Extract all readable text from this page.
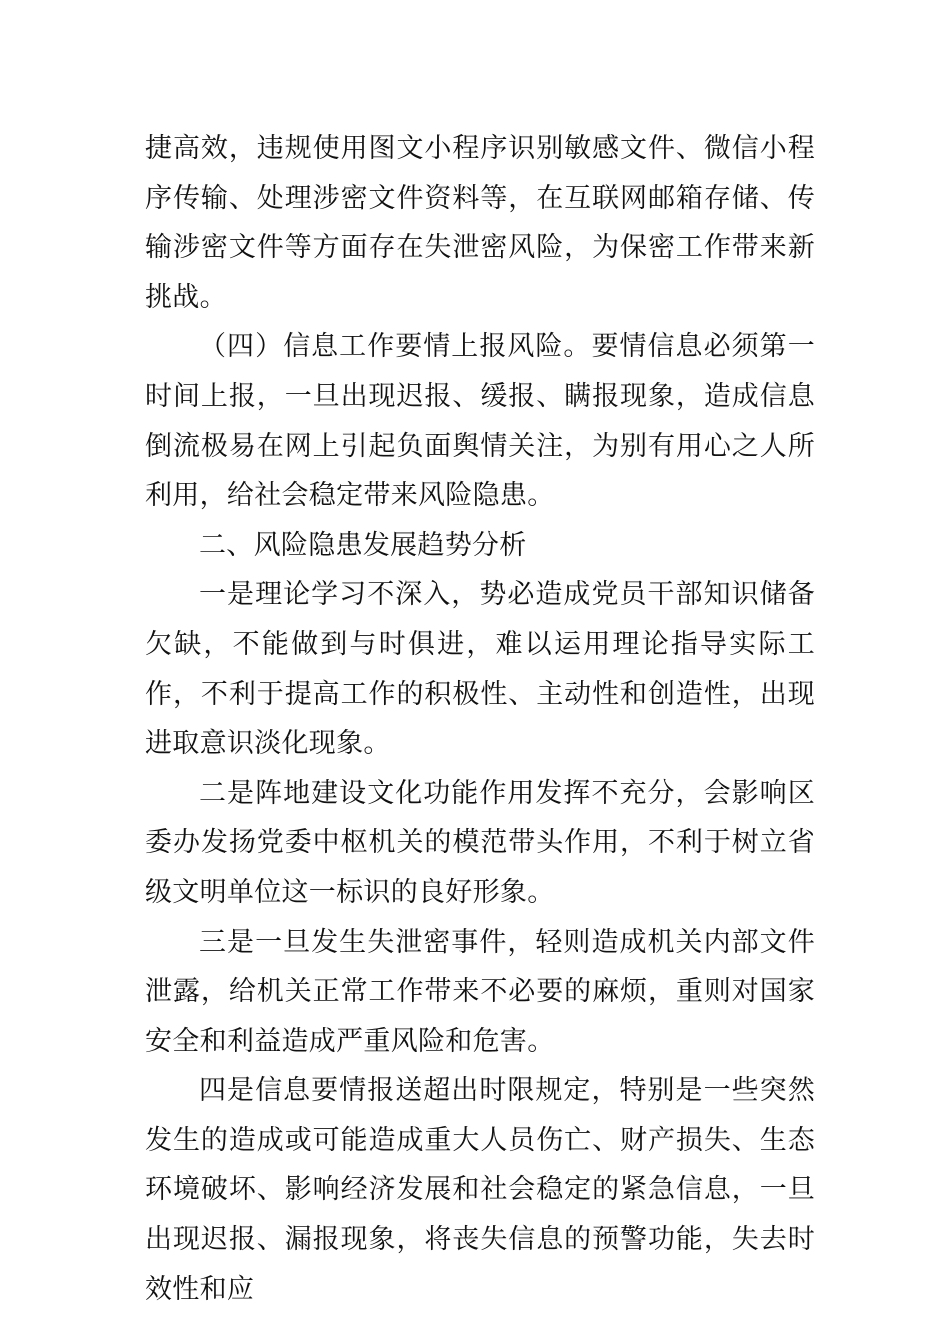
捷高效，违规使用图文小程序识别敏感文件、微信小程序传输、处理涉密文件资料等，在互联网邮箱存储、传输涉密文件等方面存在失泄密风险，为保密工作带来新挑战。

（四）信息工作要情上报风险。要情信息必须第一时间上报，一旦出现迟报、缓报、瞒报现象，造成信息倒流极易在网上引起负面舆情关注，为别有用心之人所利用，给社会稳定带来风险隐患。

二、风险隐患发展趋势分析

一是理论学习不深入，势必造成党员干部知识储备欠缺，不能做到与时俱进，难以运用理论指导实际工作，不利于提高工作的积极性、主动性和创造性，出现进取意识淡化现象。

二是阵地建设文化功能作用发挥不充分，会影响区委办发扬党委中枢机关的模范带头作用，不利于树立省级文明单位这一标识的良好形象。

三是一旦发生失泄密事件，轻则造成机关内部文件泄露，给机关正常工作带来不必要的麻烦，重则对国家安全和利益造成严重风险和危害。

四是信息要情报送超出时限规定，特别是一些突然发生的造成或可能造成重大人员伤亡、财产损失、生态环境破坏、影响经济发展和社会稳定的紧急信息，一旦出现迟报、漏报现象，将丧失信息的预警功能，失去时效性和应
